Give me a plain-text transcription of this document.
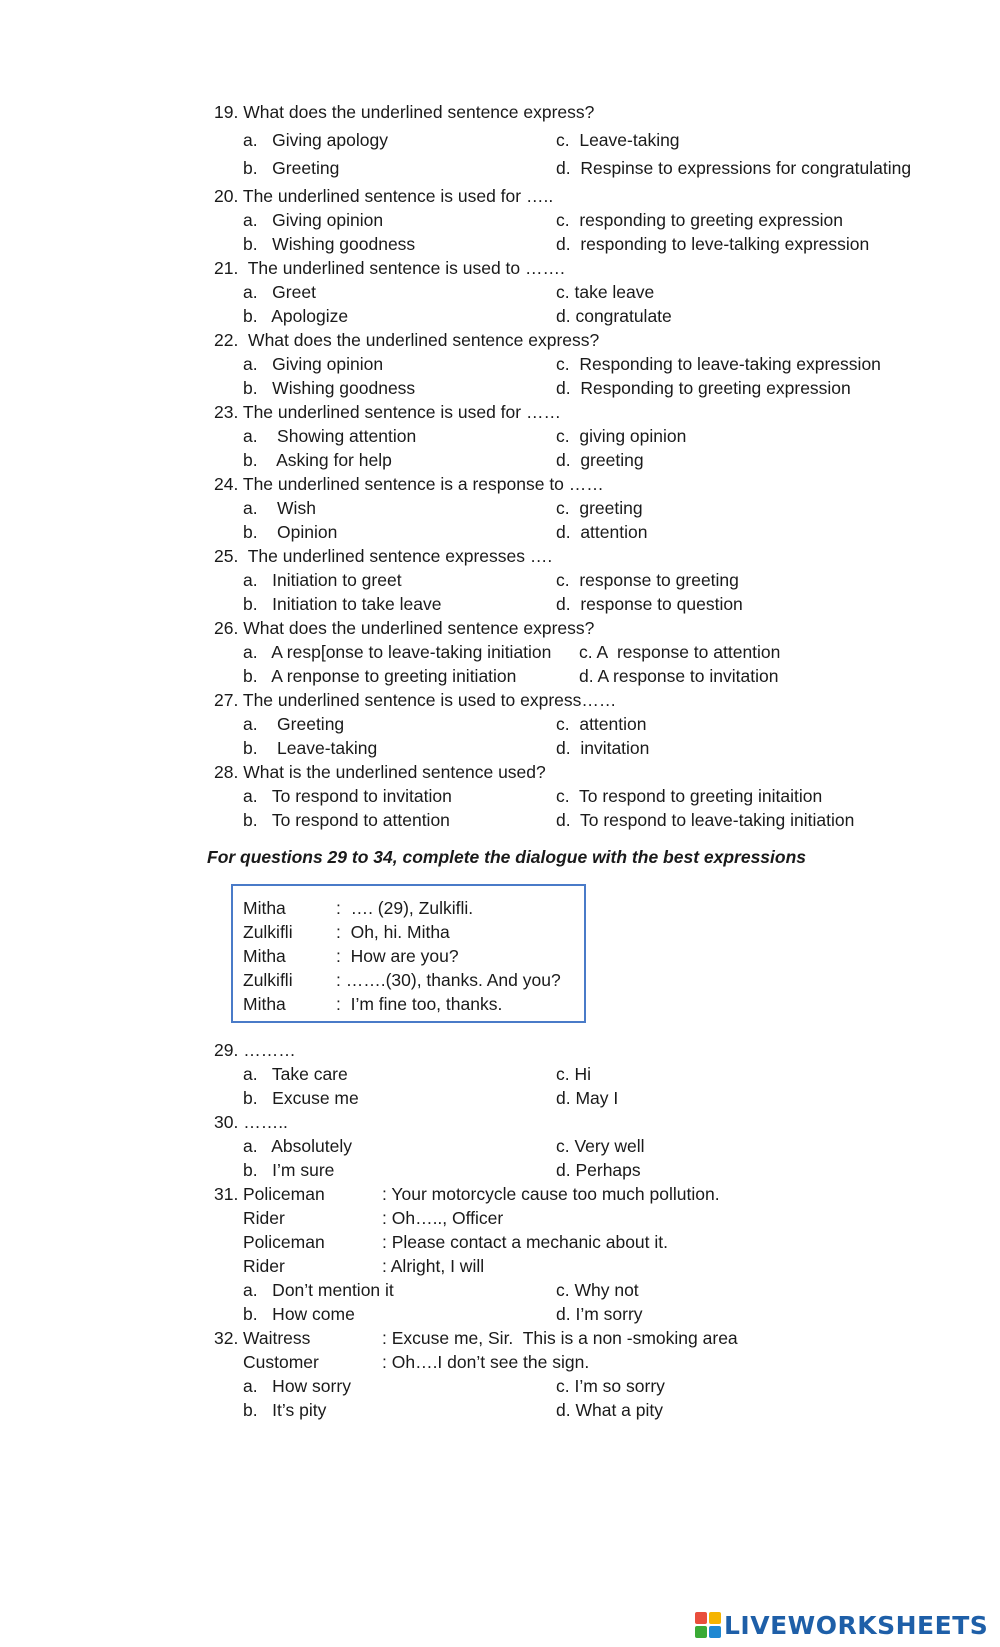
19. What does the underlined sentence express?
a.   Giving apology	c.  Leave-taking
b.   Greeting	d.  Respinse to expressions for congratulating
20. The underlined sentence is used for …..
a.   Giving opinion	c.  responding to greeting expression
b.   Wishing goodness	d.  responding to leve-talking expression
21.  The underlined sentence is used to …….
a.   Greet	c. take leave
b.   Apologize	d. congratulate
22.  What does the underlined sentence express?
a.   Giving opinion	c.  Responding to leave-taking expression
b.   Wishing goodness	d.  Responding to greeting expression
23. The underlined sentence is used for ……
a.    Showing attention	c.  giving opinion
b.    Asking for help	d.  greeting
24. The underlined sentence is a response to ……
a.    Wish	c.  greeting
b.    Opinion	d.  attention
25.  The underlined sentence expresses ….
a.   Initiation to greet	c.  response to greeting
b.   Initiation to take leave	d.  response to question
26. What does the underlined sentence express?
a.   A resp[onse to leave-taking initiation c. A  response to attention
b.   A renponse to greeting initiation	d. A response to invitation
27. The underlined sentence is used to express……
a.    Greeting	c.  attention
b.    Leave-taking	d.  invitation
28. What is the underlined sentence used?
a.   To respond to invitation	c.  To respond to greeting initaition
b.   To respond to attention	d.  To respond to leave-taking initiation
For questions 29 to 34, complete the dialogue with the best expressions
Mitha	:  …. (29), Zulkifli.
Zulkifli :  Oh, hi. Mitha
Mitha	:  How are you?
Zulkifli : …….(30), thanks. And you?
Mitha	:  I’m fine too, thanks.
29. ………
a.   Take care	c. Hi
b.   Excuse me	d. May I
30. ……..
a.   Absolutely	c. Very well
b.   I’m sure	d. Perhaps
31. Policeman	: Your motorcycle cause too much pollution.
Rider	: Oh….., Officer
Policeman	: Please contact a mechanic about it.
Rider	: Alright, I will
a.   Don’t mention it	c. Why not
b.   How come	d. I’m sorry
32. Waitress	: Excuse me, Sir.  This is a non -smoking area
Customer	: Oh….I don’t see the sign.
a.   How sorry	c. I’m so sorry
b.   It’s pity	d. What a pity
LIVEWORKSHEETS
